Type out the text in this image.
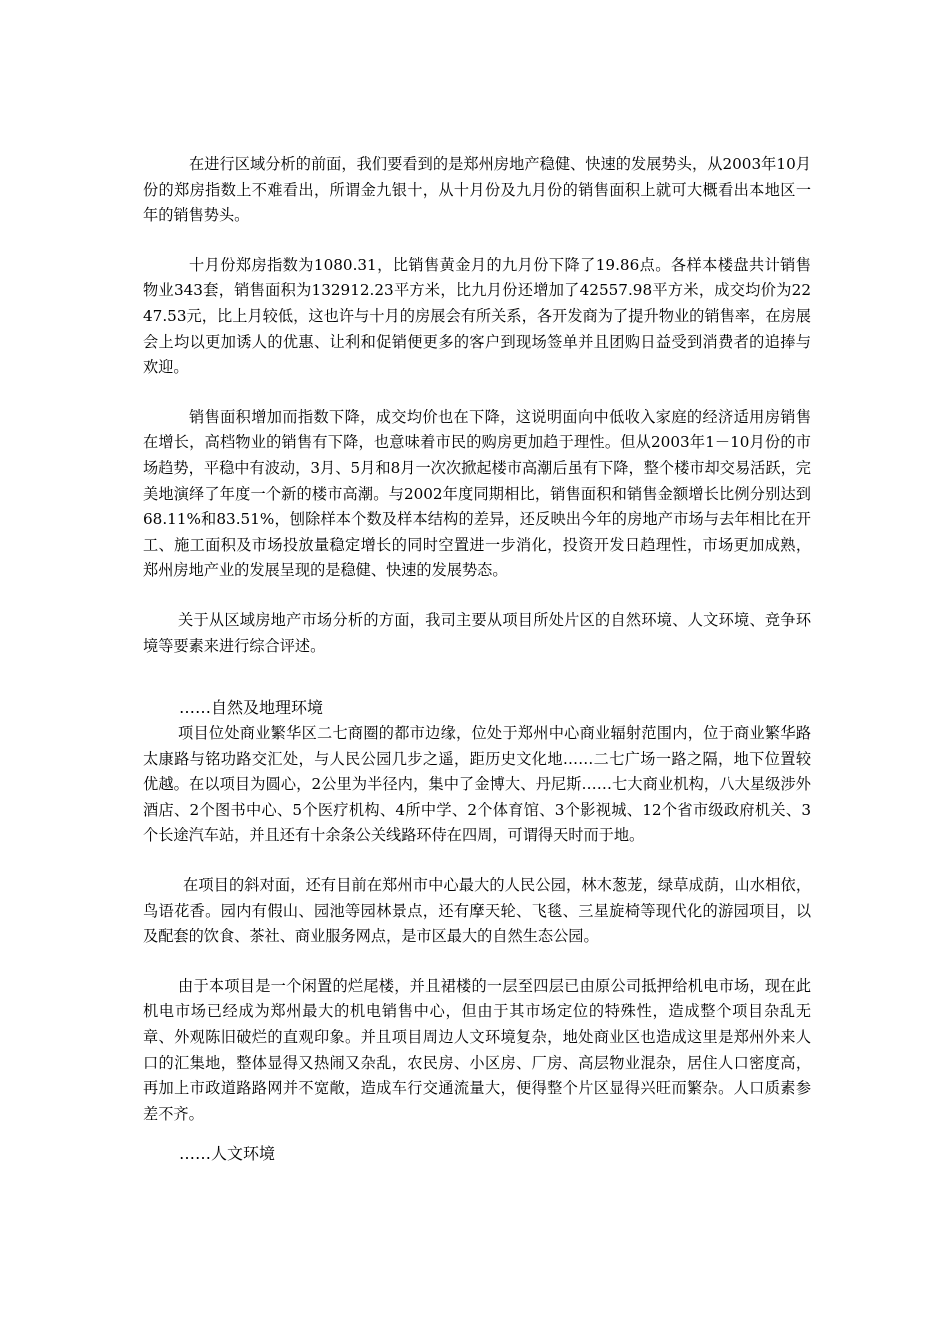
在进行区域分析的前面，我们要看到的是郑州房地产稳健、快速的发展势头，从2003年10月份的郑房指数上不难看出，所谓金九银十，从十月份及九月份的销售面积上就可大概看出本地区一年的销售势头。

十月份郑房指数为1080.31，比销售黄金月的九月份下降了19.86点。各样本楼盘共计销售物业343套，销售面积为132912.23平方米，比九月份还增加了42557.98平方米，成交均价为2247.53元，比上月较低，这也许与十月的房展会有所关系，各开发商为了提升物业的销售率，在房展会上均以更加诱人的优惠、让利和促销便更多的客户到现场签单并且团购日益受到消费者的追捧与欢迎。

销售面积增加而指数下降，成交均价也在下降，这说明面向中低收入家庭的经济适用房销售在增长，高档物业的销售有下降，也意味着市民的购房更加趋于理性。但从2003年1－10月份的市场趋势，平稳中有波动，3月、5月和8月一次次掀起楼市高潮后虽有下降，整个楼市却交易活跃，完美地演绎了年度一个新的楼市高潮。与2002年度同期相比，销售面积和销售金额增长比例分别达到68.11%和83.51%，刨除样本个数及样本结构的差异，还反映出今年的房地产市场与去年相比在开工、施工面积及市场投放量稳定增长的同时空置进一步消化，投资开发日趋理性，市场更加成熟，郑州房地产业的发展呈现的是稳健、快速的发展势态。

关于从区域房地产市场分析的方面，我司主要从项目所处片区的自然环境、人文环境、竞争环境等要素来进行综合评述。

……自然及地理环境

项目位处商业繁华区二七商圈的都市边缘，位处于郑州中心商业辐射范围内，位于商业繁华路太康路与铭功路交汇处，与人民公园几步之遥，距历史文化地……二七广场一路之隔，地下位置较优越。在以项目为圆心，2公里为半径内，集中了金博大、丹尼斯……七大商业机构，八大星级涉外酒店、2个图书中心、5个医疗机构、4所中学、2个体育馆、3个影视城、12个省市级政府机关、3个长途汽车站，并且还有十余条公关线路环侍在四周，可谓得天时而于地。

在项目的斜对面，还有目前在郑州市中心最大的人民公园，林木葱茏，绿草成荫，山水相依，鸟语花香。园内有假山、园池等园林景点，还有摩天轮、飞毯、三星旋椅等现代化的游园项目，以及配套的饮食、茶社、商业服务网点，是市区最大的自然生态公园。

由于本项目是一个闲置的烂尾楼，并且裙楼的一层至四层已由原公司抵押给机电市场，现在此机电市场已经成为郑州最大的机电销售中心，但由于其市场定位的特殊性，造成整个项目杂乱无章、外观陈旧破烂的直观印象。并且项目周边人文环境复杂，地处商业区也造成这里是郑州外来人口的汇集地，整体显得又热闹又杂乱，农民房、小区房、厂房、高层物业混杂，居住人口密度高，再加上市政道路路网并不宽敞，造成车行交通流量大，便得整个片区显得兴旺而繁杂。人口质素参差不齐。

……人文环境
